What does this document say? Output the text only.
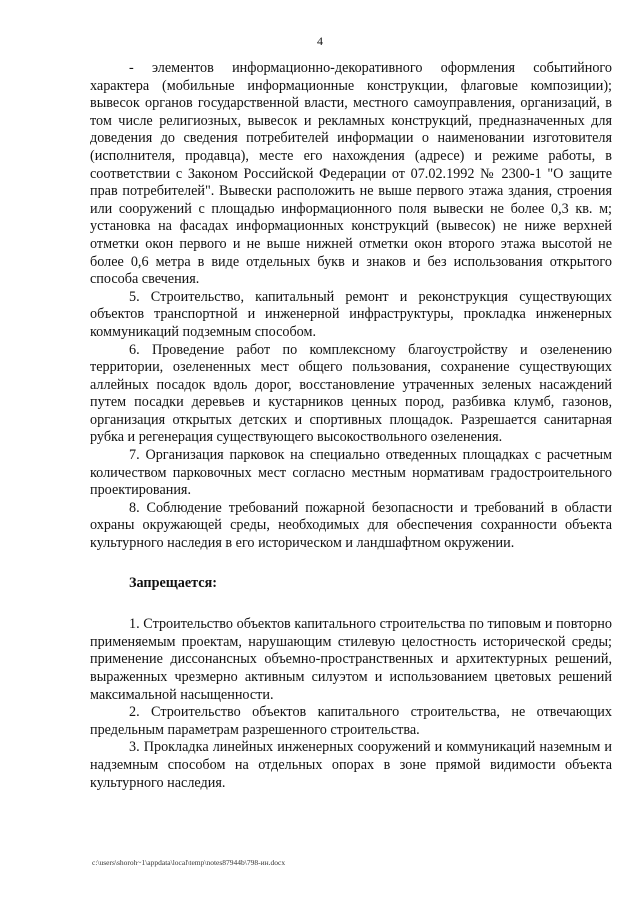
4

- элементов информационно-декоративного оформления событийного характера (мобильные информационные конструкции, флаговые композиции); вывесок органов государственной власти, местного самоуправления, организаций, в том числе религиозных, вывесок и рекламных конструкций, предназначенных для доведения до сведения потребителей информации о наименовании изготовителя (исполнителя, продавца), месте его нахождения (адресе) и режиме работы, в соответствии с Законом Российской Федерации от 07.02.1992 № 2300-1 "О защите прав потребителей". Вывески расположить не выше первого этажа здания, строения или сооружений с площадью информационного поля вывески не более 0,3 кв. м; установка на фасадах информационных конструкций (вывесок) не ниже верхней отметки окон первого и не выше нижней отметки окон второго этажа высотой не более 0,6 метра в виде отдельных букв и знаков и без использования открытого способа свечения.

5. Строительство, капитальный ремонт и реконструкция существующих объектов транспортной и инженерной инфраструктуры, прокладка инженерных коммуникаций подземным способом.

6. Проведение работ по комплексному благоустройству и озеленению территории, озелененных мест общего пользования, сохранение существующих аллейных посадок вдоль дорог, восстановление утраченных зеленых насаждений путем посадки деревьев и кустарников ценных пород, разбивка клумб, газонов, организация открытых детских и спортивных площадок. Разрешается санитарная рубка и регенерация существующего высокоствольного озеленения.

7. Организация парковок на специально отведенных площадках с расчетным количеством парковочных мест согласно местным нормативам градостроительного проектирования.

8. Соблюдение требований пожарной безопасности и требований в области охраны окружающей среды, необходимых для обеспечения сохранности объекта культурного наследия в его историческом и ландшафтном окружении.

Запрещается:

1. Строительство объектов капитального строительства по типовым и повторно применяемым проектам, нарушающим стилевую целостность исторической среды; применение диссонансных объемно-пространственных и архитектурных решений, выраженных чрезмерно активным силуэтом и использованием цветовых решений максимальной насыщенности.

2. Строительство объектов капитального строительства, не отвечающих предельным параметрам разрешенного строительства.

3. Прокладка линейных инженерных сооружений и коммуникаций наземным и надземным способом на отдельных опорах в зоне прямой видимости объекта культурного наследия.

c:\users\shoroh~1\appdata\local\temp\notes87944b\798-ин.docx
